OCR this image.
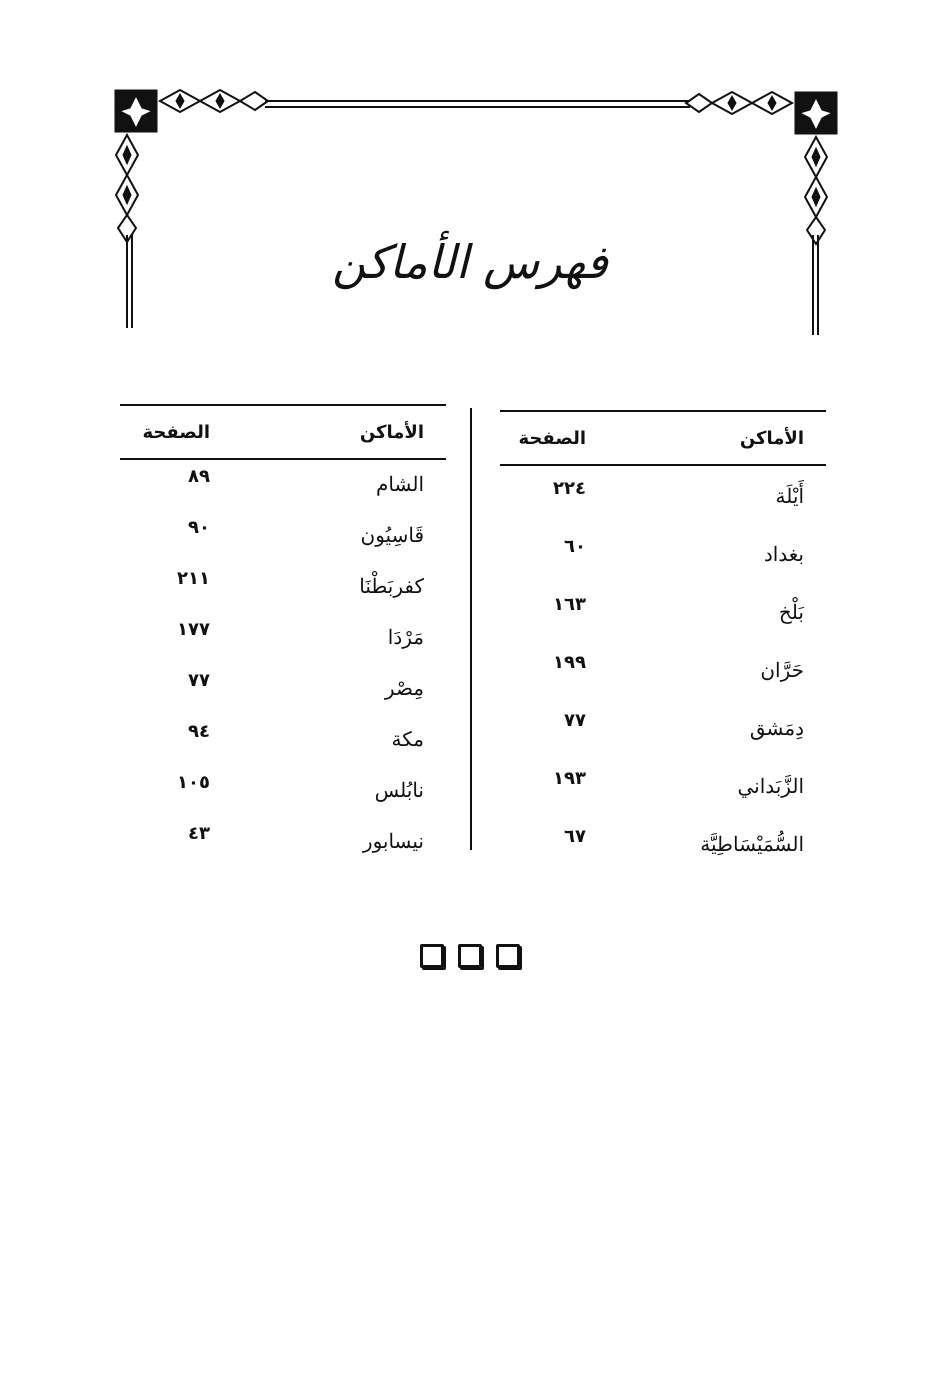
فهرس الأماكن
الأماكن
الصفحة
أَيْلَة
٢٢٤
بغداد
٦٠
بَلْخ
١٦٣
حَرَّان
١٩٩
دِمَشق
٧٧
الزَّبَداني
١٩٣
السُّمَيْسَاطِيَّة
٦٧
الأماكن
الصفحة
الشام
٨٩
قَاسِيُون
٩٠
كفربَطْنَا
٢١١
مَرْدَا
١٧٧
مِصْر
٧٧
مكة
٩٤
نابُلس
١٠٥
نيسابور
٤٣
